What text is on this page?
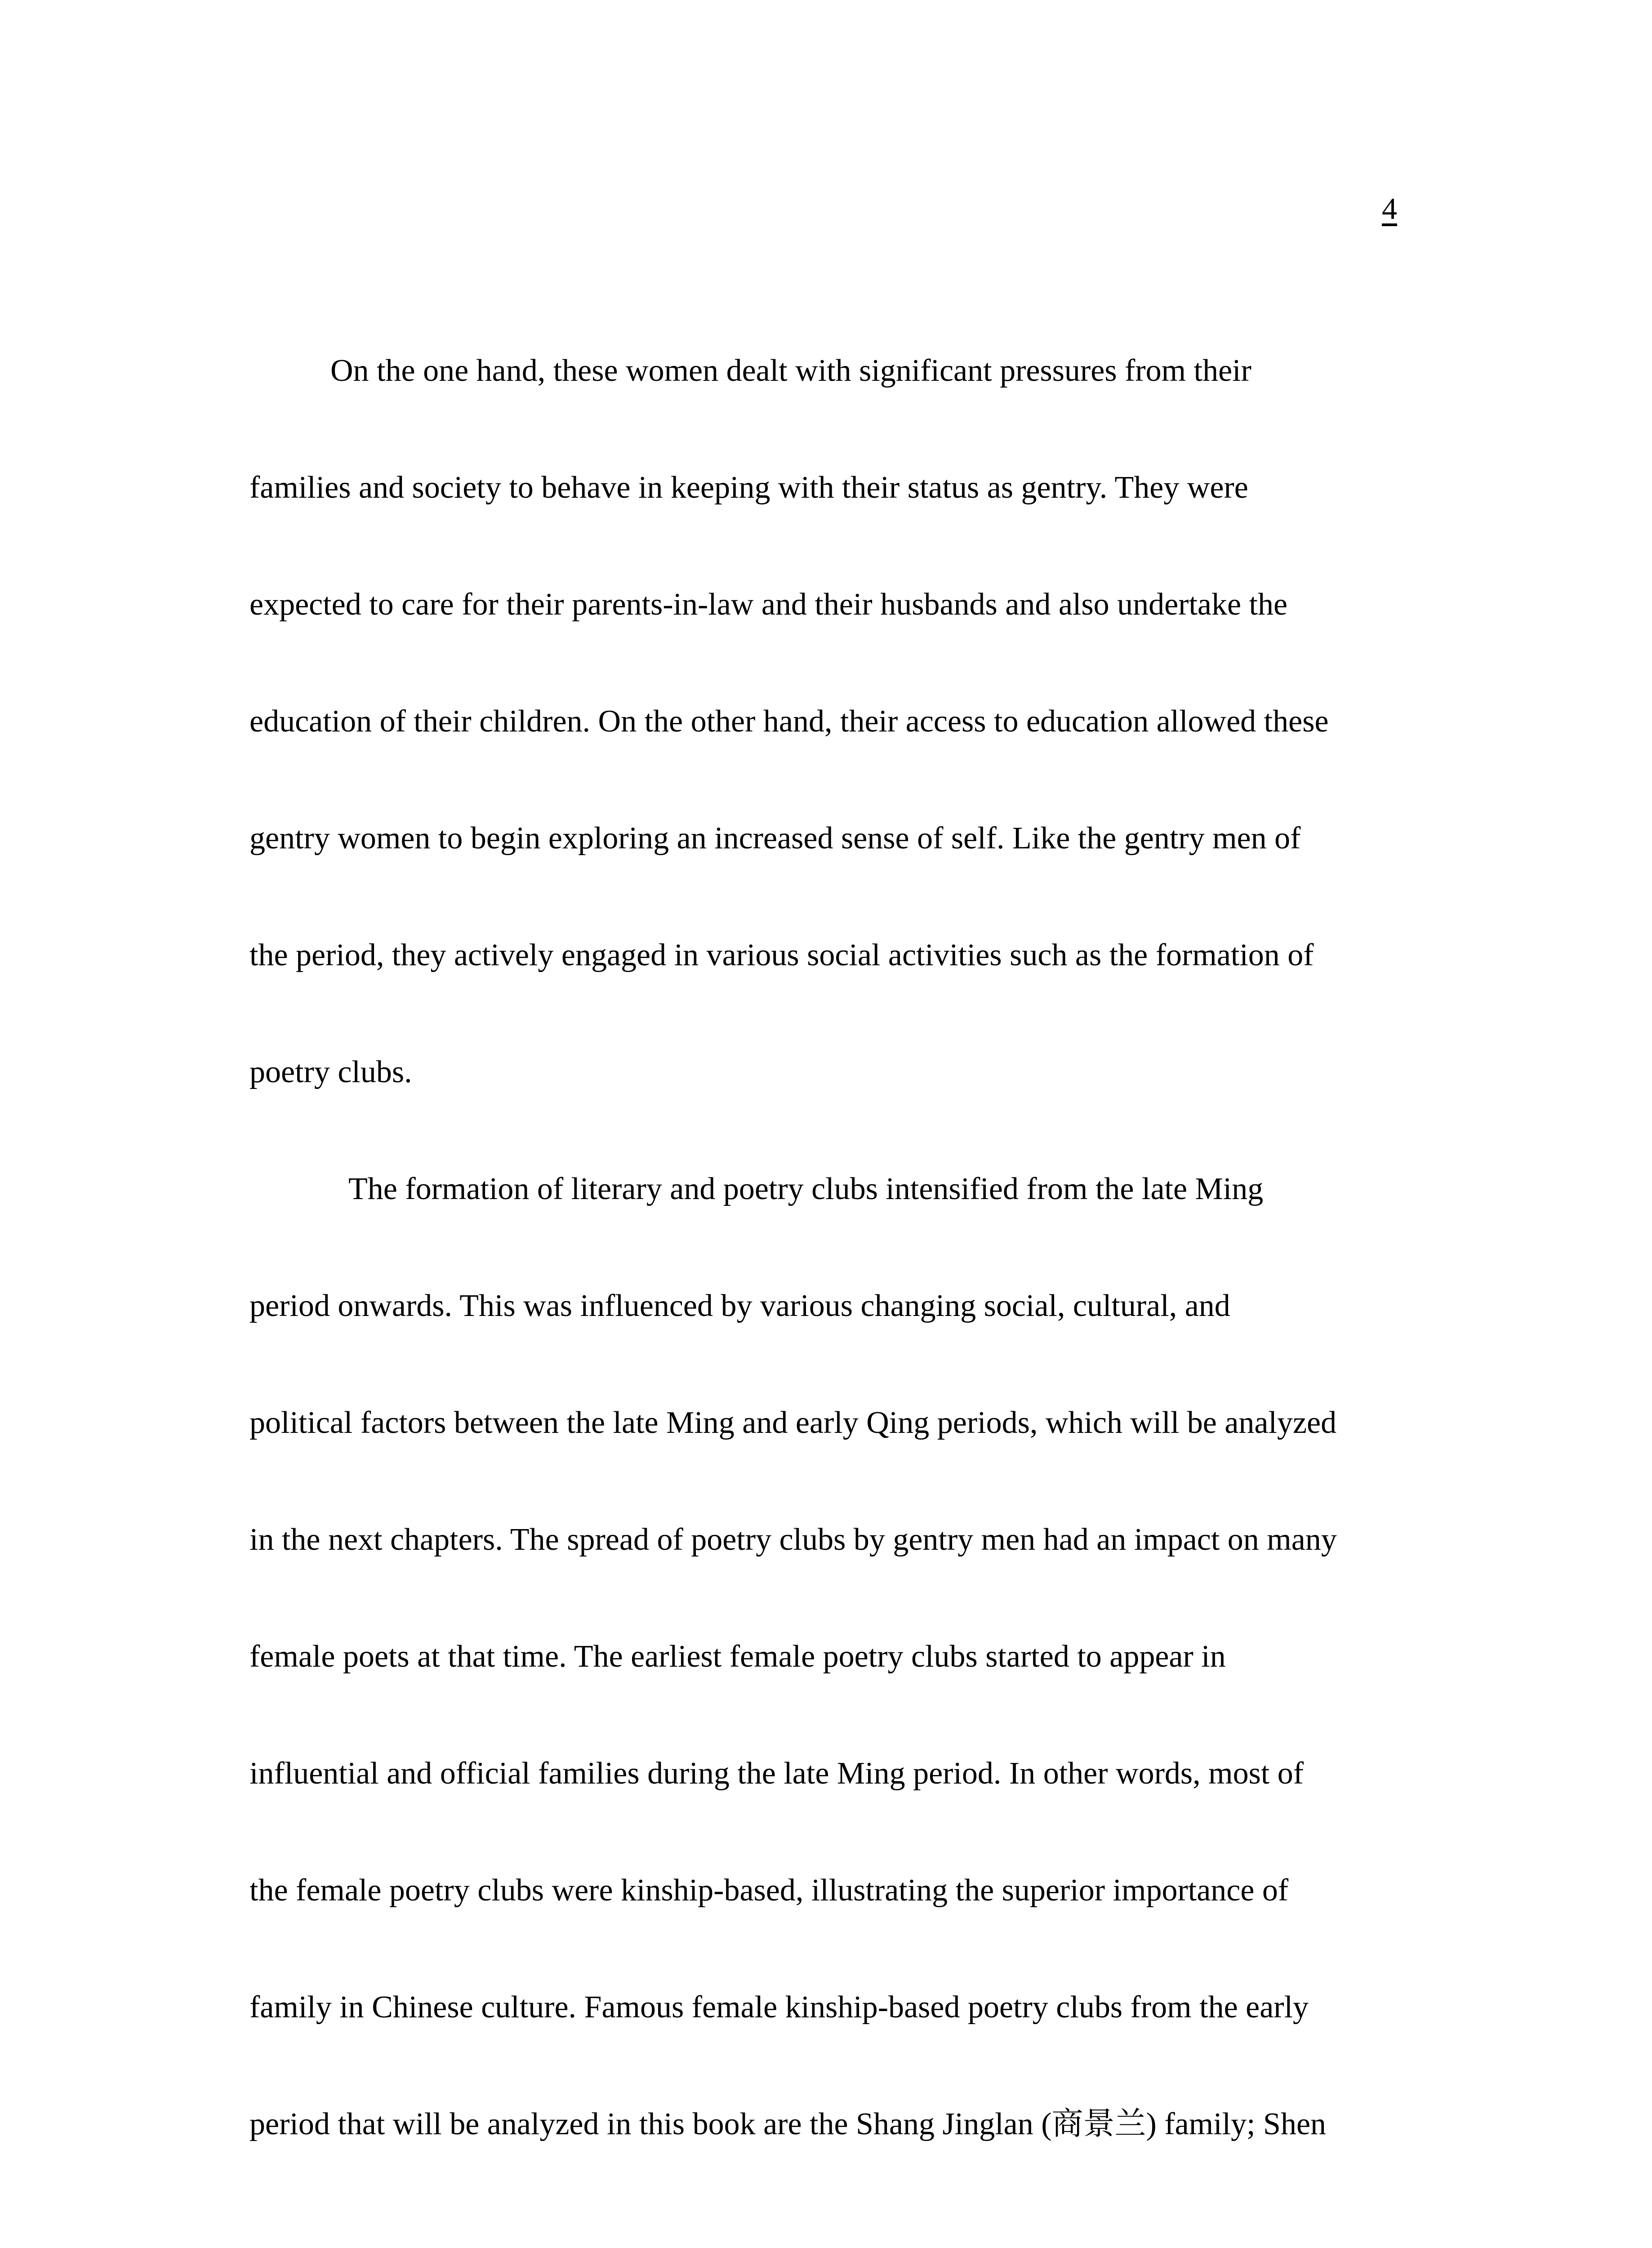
4
On the one hand, these women dealt with significant pressures from their
families and society to behave in keeping with their status as gentry. They were
expected to care for their parents-in-law and their husbands and also undertake the
education of their children. On the other hand, their access to education allowed these
gentry women to begin exploring an increased sense of self. Like the gentry men of
the period, they actively engaged in various social activities such as the formation of
poetry clubs.
The formation of literary and poetry clubs intensified from the late Ming
period onwards. This was influenced by various changing social, cultural, and
political factors between the late Ming and early Qing periods, which will be analyzed
in the next chapters. The spread of poetry clubs by gentry men had an impact on many
female poets at that time. The earliest female poetry clubs started to appear in
influential and official families during the late Ming period. In other words, most of
the female poetry clubs were kinship-based, illustrating the superior importance of
family in Chinese culture. Famous female kinship-based poetry clubs from the early
period that will be analyzed in this book are the Shang Jinglan (商景兰) family; Shen
